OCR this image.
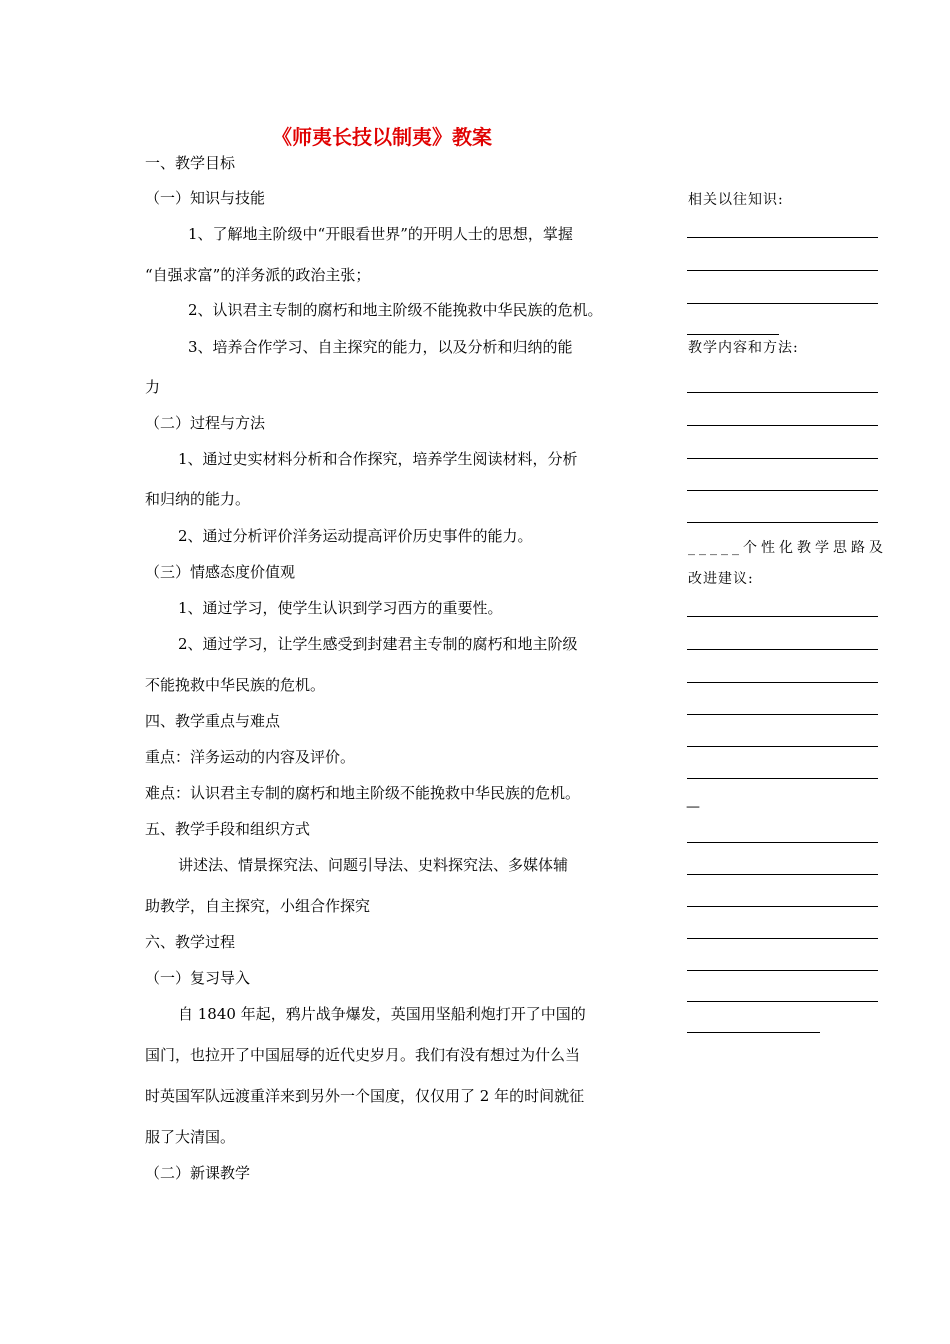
《师夷长技以制夷》教案
一、教学目标
（一）知识与技能
1、了解地主阶级中“开眼看世界”的开明人士的思想，掌握
“自强求富”的洋务派的政治主张；
2、认识君主专制的腐朽和地主阶级不能挽救中华民族的危机。
3、培养合作学习、自主探究的能力，以及分析和归纳的能
力
（二）过程与方法
1、通过史实材料分析和合作探究，培养学生阅读材料，分析
和归纳的能力。
2、通过分析评价洋务运动提高评价历史事件的能力。
（三）情感态度价值观
1、通过学习，使学生认识到学习西方的重要性。
2、通过学习，让学生感受到封建君主专制的腐朽和地主阶级
不能挽救中华民族的危机。
四、教学重点与难点
重点：洋务运动的内容及评价。
难点：认识君主专制的腐朽和地主阶级不能挽救中华民族的危机。
五、教学手段和组织方式
讲述法、情景探究法、问题引导法、史料探究法、多媒体辅
助教学，自主探究，小组合作探究
六、教学过程
（一）复习导入
自 1840 年起，鸦片战争爆发，英国用坚船利炮打开了中国的
国门，也拉开了中国屈辱的近代史岁月。我们有没有想过为什么当
时英国军队远渡重洋来到另外一个国度，仅仅用了 2 年的时间就征
服了大清国。
（二）新课教学
相关以往知识:
教学内容和方法:
_____个性化教学思路及
改进建议:
—
